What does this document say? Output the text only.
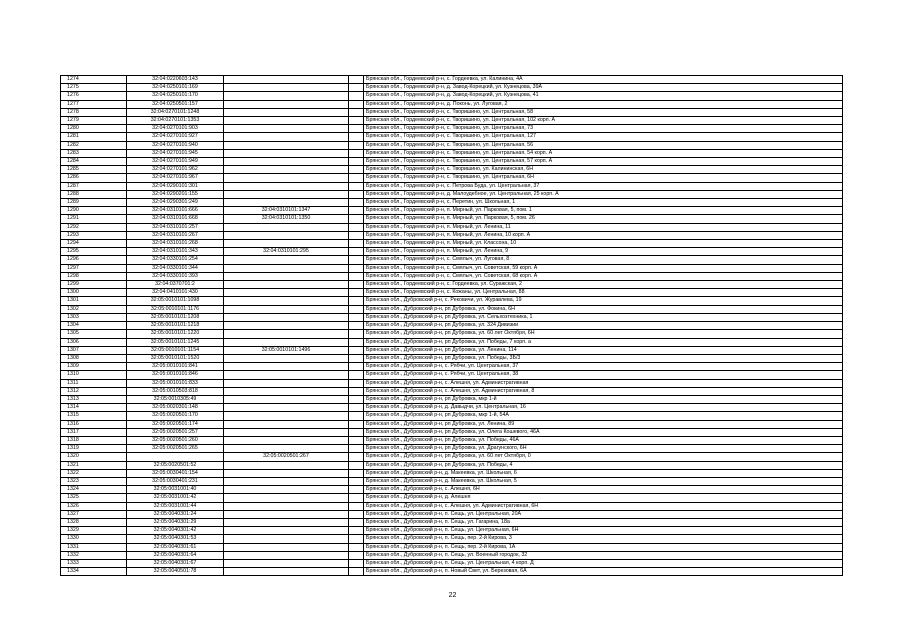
1274	32:04:0220603:143			Брянская обл., Гордеевский р-н, с. Гордеевка, ул. Калинина, 4А
1275	32:04:0250101:169			Брянская обл., Гордеевский р-н, д. Завод-Корецкий, ул. Кузнецова, 39А
1276	32:04:0250101:170			Брянская обл., Гордеевский р-н, д. Завод-Корецкий, ул. Кузнецова, 41
1277	32:04:0250501:157			Брянская обл., Гордеевский р-н, д. Поконь, ул. Луговая, 2
1278	32:04:0270101:1248			Брянская обл., Гордеевский р-н, с. Творишино, ул. Центральная, 58
1279	32:04:0270101:1353			Брянская обл., Гордеевский р-н, с. Творишино, ул. Центральная, 102 корп. А
1280	32:04:0270101:903			Брянская обл., Гордеевский р-н, с. Творишино, ул. Центральная, 73
1281	32:04:0270101:927			Брянская обл., Гордеевский р-н, с. Творишино, ул. Центральная, 127
1282	32:04:0270101:940			Брянская обл., Гордеевский р-н, с. Творишино, ул. Центральная, 56
1283	32:04:0270101:945			Брянская обл., Гордеевский р-н, с. Творишино, ул. Центральная, 54 корп. А
1284	32:04:0270101:949			Брянская обл., Гордеевский р-н, с. Творишино, ул. Центральная, 57 корп. А
1285	32:04:0270101:962			Брянская обл., Гордеевский р-н, с. Творишино, ул. Калининская, 6Н
1286	32:04:0270101:967			Брянская обл., Гордеевский р-н, с. Творишино, ул. Центральная, 6Н
1287	32:04:0290101:301			Брянская обл., Гордеевский р-н, с. Петрова Буда, ул. Центральная, 37
1288	32:04:0290201:155			Брянская обл., Гордеевский р-н, д. Малоудебное, ул. Центральная, 25 корп. А
1289	32:04:0290301:249			Брянская обл., Гордеевский р-н, с. Перетин, ул. Школьная, 1
1290	32:04:0310101:666	32:04:0310101:1347		Брянская обл., Гордеевский р-н, п. Мирный, ул. Парковая, 5, пом. 1
1291	32:04:0310101:668	32:04:0310101:1350		Брянская обл., Гордеевский р-н, п. Мирный, ул. Парковая, 5, пом. 26
1292	32:04:0310101:257			Брянская обл., Гордеевский р-н, п. Мирный, ул. Ленина, 11
1293	32:04:0310101:267			Брянская обл., Гордеевский р-н, п. Мирный, ул. Ленина, 10 корп. А
1294	32:04:0310101:268			Брянская обл., Гордеевский р-н, п. Мирный, ул. Классона, 10
1295	32:04:0310101:343	32:04:0310101:295		Брянская обл., Гордеевский р-н, п. Мирный, ул. Ленина, 9
1296	32:04:0330101:254			Брянская обл., Гордеевский р-н, с. Смялыч, ул. Луговая, 8
1297	32:04:0330101:344			Брянская обл., Гордеевский р-н, с. Смялыч, ул. Советская, 59 корп. А
1298	32:04:0330101:393			Брянская обл., Гордеевский р-н, с. Смялыч, ул. Советская, 68 корп. А
1299	32:04:0370701:2			Брянская обл., Гордеевский р-н, с. Гордеевка, ул. Суражская, 2
1300	32:04:0410101:430			Брянская обл., Гордеевский р-н, с. Кожаны, ул. Центральная, 88
1301	32:05:0010101:1098			Брянская обл., Дубровский р-н, с. Рековичи, ул. Журавлева, 19
1302	32:05:0010101:1176			Брянская обл., Дубровский р-н, рп Дубровка, ул. Фокина, 6Н
1303	32:05:0010101:1208			Брянская обл., Дубровский р-н, рп Дубровка, ул. Сельхозтехника, 1
1304	32:05:0010101:1218			Брянская обл., Дубровский р-н, рп Дубровка, ул. 324 Дивизии
1305	32:05:0010101:1220			Брянская обл., Дубровский р-н, рп Дубровка, ул. 60 лет Октября, 6Н
1306	32:05:0010101:1245			Брянская обл., Дубровский р-н, рп Дубровка, ул. Победы, 7 корп. а
1307	32:05:0010101:1154	32:05:0010101:1496		Брянская обл., Дубровский р-н, рп Дубровка, ул. Ленина, 114
1308	32:05:0010101:1520			Брянская обл., Дубровский р-н, рп Дубровка, ул. Победы, 3Б/3
1309	32:05:0010101:841			Брянская обл., Дубровский р-н, с. Рябчи, ул. Центральная, 37
1310	32:05:0010101:846			Брянская обл., Дубровский р-н, с. Рябчи, ул. Центральная, 38
1311	32:05:0010101:833			Брянская обл., Дубровский р-н, с. Алешня, ул. Административная
1312	32:05:0010503:818			Брянская обл., Дубровский р-н, с. Алешня, ул. Административная, 8
1313	32:05:0010305:49			Брянская обл., Дубровский р-н, рп Дубровка, мкр 1-й
1314	32:05:0020301:148			Брянская обл., Дубровский р-н, д. Давыдчи, ул. Центральная, 16
1315	32:05:0020501:170			Брянская обл., Дубровский р-н, рп Дубровка, мкр 1-й, 54А
1316	32:05:0020501:174			Брянская обл., Дубровский р-н, рп Дубровка, ул. Ленина, 89
1317	32:05:0020501:257			Брянская обл., Дубровский р-н, рп Дубровка, ул. Олега Кошевого, 46А
1318	32:05:0020501:260			Брянская обл., Дубровский р-н, рп Дубровка, ул. Победы, 46А
1319	32:05:0020501:265			Брянская обл., Дубровский р-н, рп Дубровка, ул. Драгунского, 6Н
1320		32:05:0020501:267		Брянская обл., Дубровский р-н, рп Дубровка, ул. 60 лет Октября, 0
1321	32:05:0020501:52			Брянская обл., Дубровский р-н, рп Дубровка, ул. Победы, 4
1322	32:05:0030401:154			Брянская обл., Дубровский р-н, д. Макеевка, ул. Школьная, 6
1323	32:05:0030401:231			Брянская обл., Дубровский р-н, д. Макеевка, ул. Школьная, 5
1324	32:05:0031001:40			Брянская обл., Дубровский р-н, с. Алешня, 6Н
1325	32:05:0031001:42			Брянская обл., Дубровский р-н, д. Алешня
1326	32:05:0031001:44			Брянская обл., Дубровский р-н, с. Алешня, ул. Административная, 6Н
1327	32:05:0040301:24			Брянская обл., Дубровский р-н, п. Сещь, ул. Центральная, 20А
1328	32:05:0040301:29			Брянская обл., Дубровский р-н, п. Сещь, ул. Гагарина, 18а
1329	32:05:0040301:42			Брянская обл., Дубровский р-н, п. Сещь, ул. Центральная, 6Н
1330	32:05:0040301:53			Брянская обл., Дубровский р-н, п. Сещь, пер. 2-й Кирова, 3
1331	32:05:0040301:61			Брянская обл., Дубровский р-н, п. Сещь, пер. 2-й Кирова, 1А
1332	32:05:0040301:64			Брянская обл., Дубровский р-н, п. Сещь, ул. Военный городок, 32
1333	32:05:0040301:67			Брянская обл., Дубровский р-н, п. Сещь, ул. Центральная, 4 корп. Д
1334	32:05:0040501:78			Брянская обл., Дубровский р-н, п. Новый Свет, ул. Березовая, 6А
22
